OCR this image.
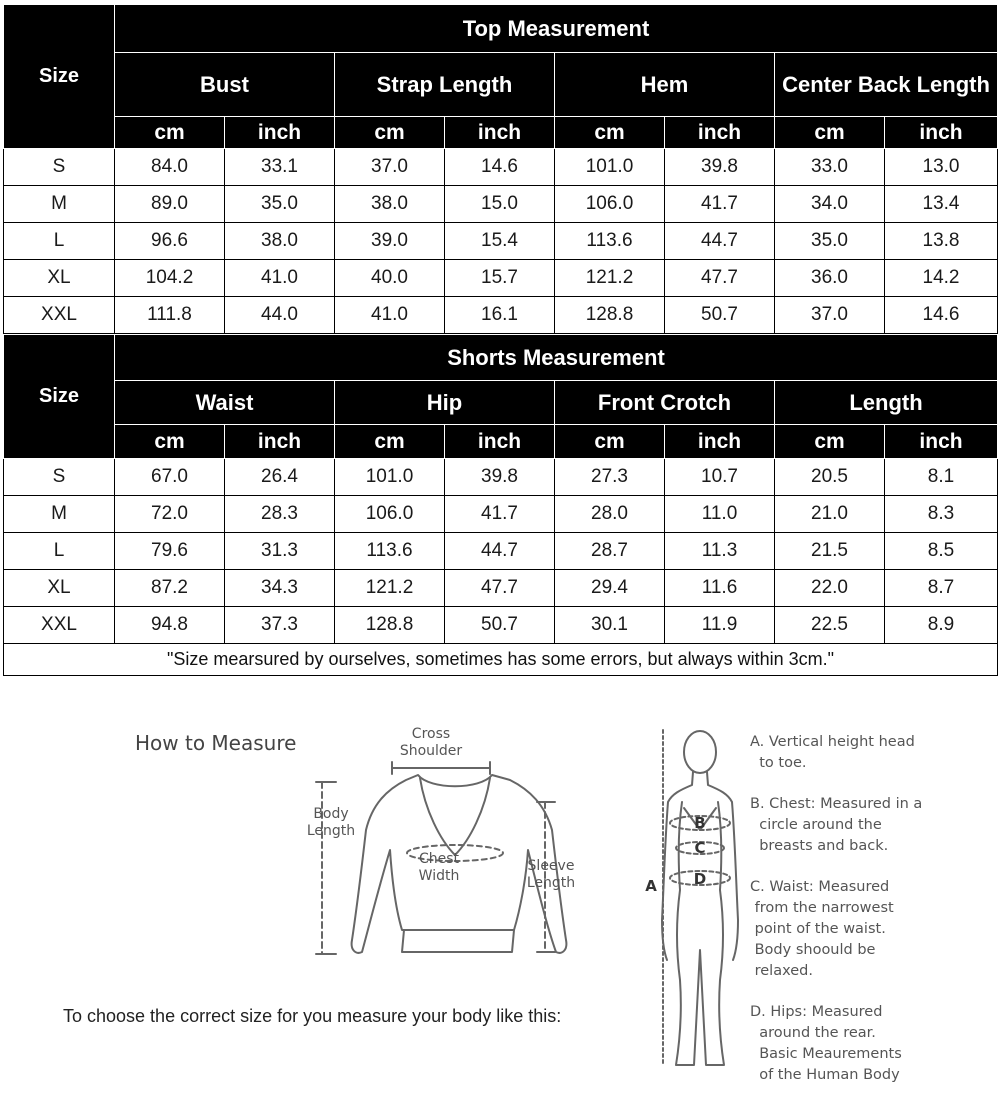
Size	Top Measurement							
	Bust		Strap Length		Hem		Center Back Length	
	cm	inch	cm	inch	cm	inch	cm	inch
S	84.0	33.1	37.0	14.6	101.0	39.8	33.0	13.0
M	89.0	35.0	38.0	15.0	106.0	41.7	34.0	13.4
L	96.6	38.0	39.0	15.4	113.6	44.7	35.0	13.8
XL	104.2	41.0	40.0	15.7	121.2	47.7	36.0	14.2
XXL	111.8	44.0	41.0	16.1	128.8	50.7	37.0	14.6
Size	Shorts Measurement							
	Waist		Hip		Front Crotch		Length	
	cm	inch	cm	inch	cm	inch	cm	inch
S	67.0	26.4	101.0	39.8	27.3	10.7	20.5	8.1
M	72.0	28.3	106.0	41.7	28.0	11.0	21.0	8.3
L	79.6	31.3	113.6	44.7	28.7	11.3	21.5	8.5
XL	87.2	34.3	121.2	47.7	29.4	11.6	22.0	8.7
XXL	94.8	37.3	128.8	50.7	30.1	11.9	22.5	8.9
"Size mearsured by ourselves, sometimes has some errors, but always within 3cm."								
B
C
D
A
How to Measure	Cross
Shoulder
Body
Length
Chest
Width
Sleeve
Length
To choose the correct size for you measure your body like this:
A. Vertical height head
to toe.
B. Chest: Measured in a
circle around the
breasts and back.
C. Waist: Measured
from the narrowest
point of the waist.
Body shoould be
relaxed.
D. Hips: Measured
around the rear.
Basic Meaurements
of the Human Body
